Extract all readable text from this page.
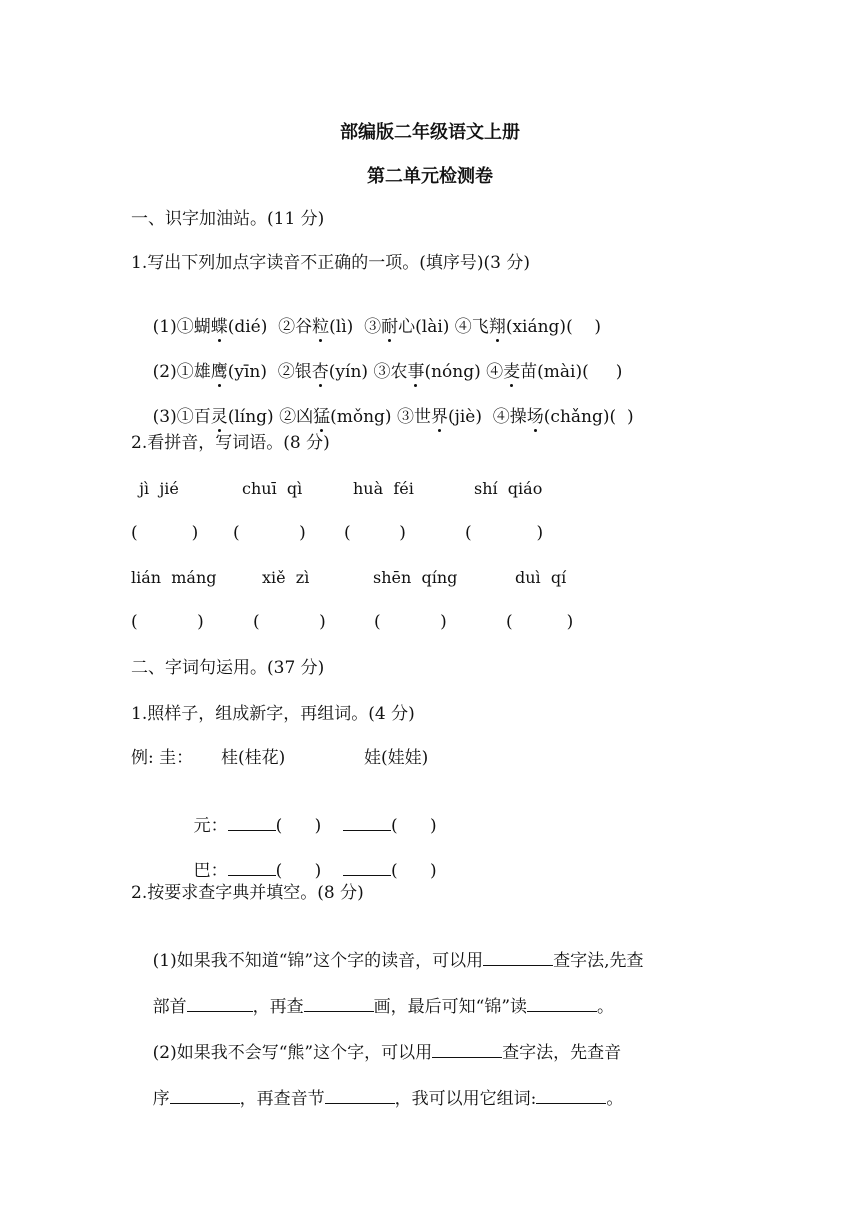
部编版二年级语文上册
第二单元检测卷
一、识字加油站。(11 分)
1.写出下列加点字读音不正确的一项。(填序号)(3 分)

(1)①蝴蝶(dié)  ②谷粒(lì)  ③耐心(lài) ④飞翔(xiáng)(    )

(2)①雄鹰(yīn)  ②银杏(yín) ③农事(nóng) ④麦苗(mài)(     )

(3)①百灵(líng) ②凶猛(mǒng) ③世界(jiè)  ④操场(chǎng)(  )

2.看拼音，写词语。(8 分)
jì  jié	chuī  qì	huà  féi	shí  qiáo
(          ) (           ) (         )	(            )
lián  máng	xiě  zì	shēn  qíng	duì  qí
(           )	(           )	(           )	(          )
二、字词句运用。(37 分)
1.照样子，组成新字，再组词。(4 分)
例: 圭： 桂(桂花)	娃(娃娃)

元：	(      )	(      )

巴：	(      )	(      )

2.按要求查字典并填空。(8 分)

(1)如果我不知道“锦”这个字的读音，可以用	查字法,先查

部首	，再查	画，最后可知“锦”读	。

(2)如果我不会写“熊”这个字，可以用	查字法，先查音

序	，再查音节	，我可以用它组词:	。
